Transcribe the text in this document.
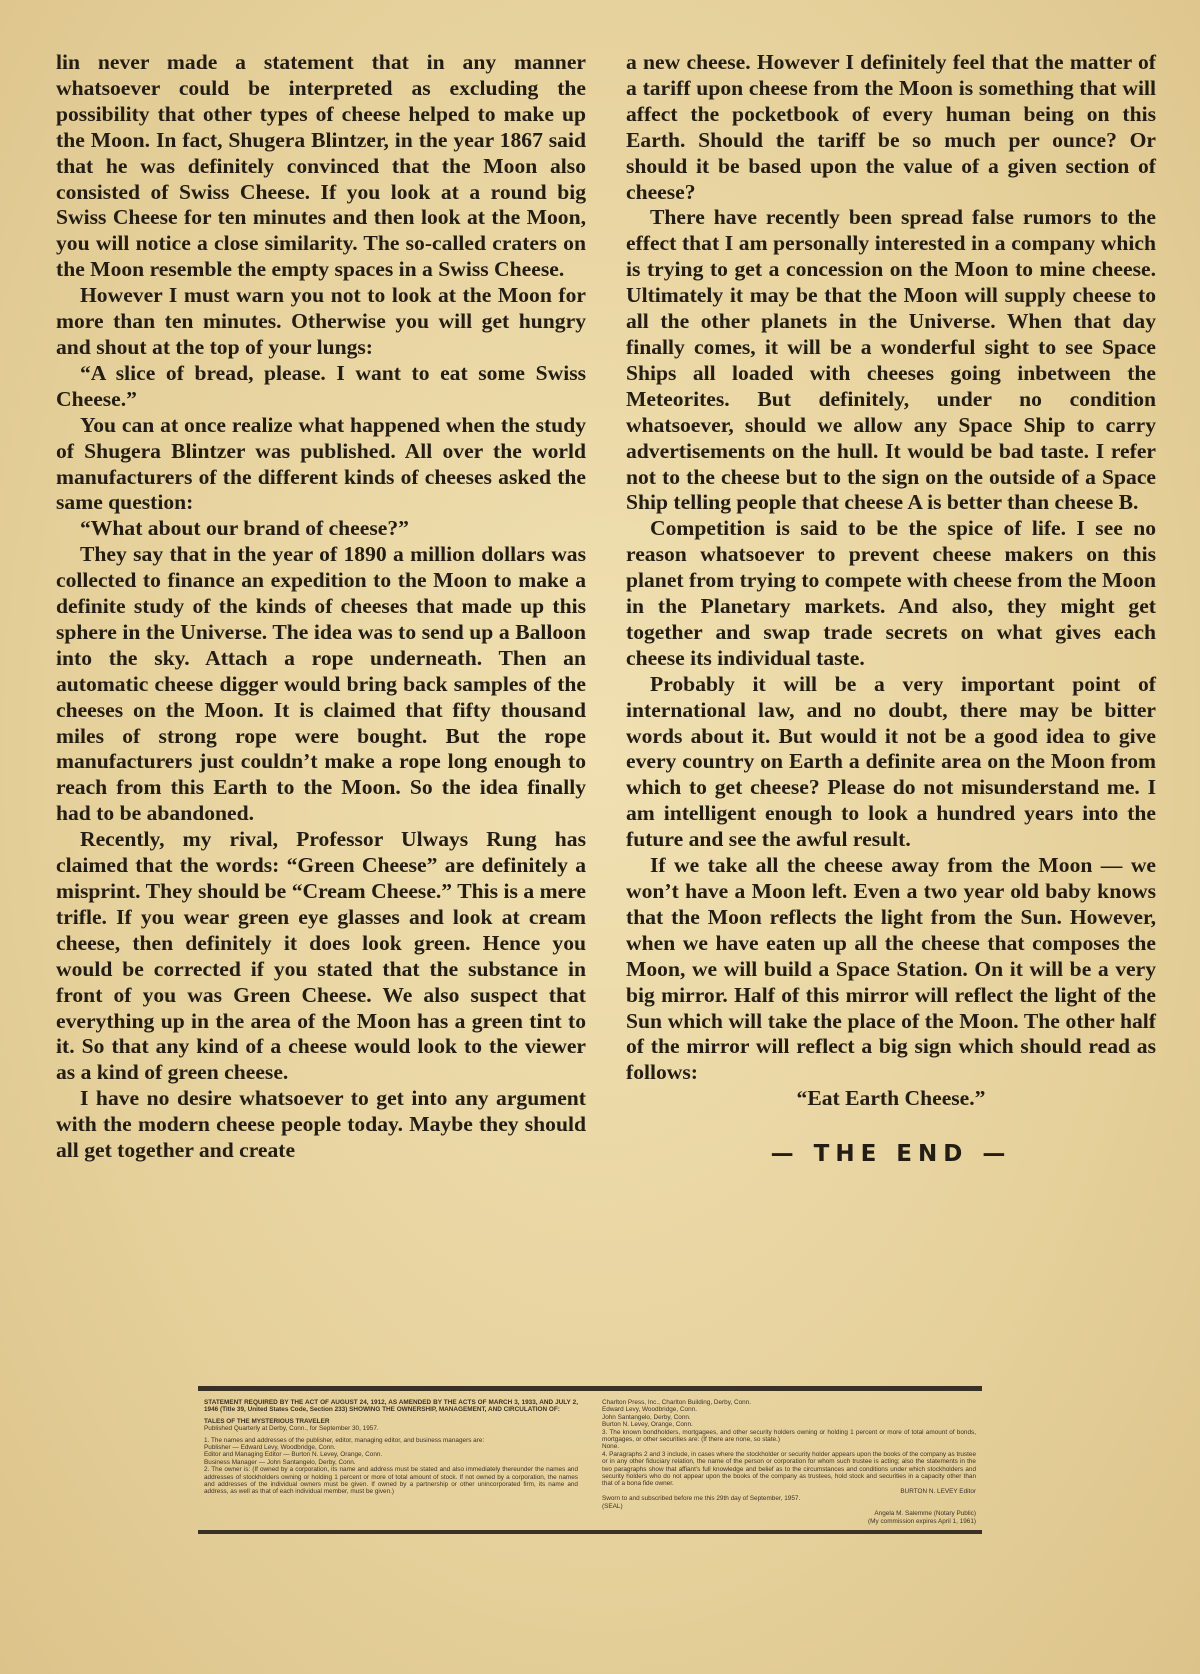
lin never made a statement that in any manner whatsoever could be interpreted as excluding the possibility that other types of cheese helped to make up the Moon. In fact, Shugera Blintzer, in the year 1867 said that he was definitely convinced that the Moon also consisted of Swiss Cheese. If you look at a round big Swiss Cheese for ten minutes and then look at the Moon, you will notice a close similarity. The so-called craters on the Moon resemble the empty spaces in a Swiss Cheese.

However I must warn you not to look at the Moon for more than ten minutes. Otherwise you will get hungry and shout at the top of your lungs:

“A slice of bread, please. I want to eat some Swiss Cheese.”

You can at once realize what happened when the study of Shugera Blintzer was published. All over the world manufacturers of the different kinds of cheeses asked the same question:

“What about our brand of cheese?”

They say that in the year of 1890 a million dollars was collected to finance an expedition to the Moon to make a definite study of the kinds of cheeses that made up this sphere in the Universe. The idea was to send up a Balloon into the sky. Attach a rope underneath. Then an automatic cheese digger would bring back samples of the cheeses on the Moon. It is claimed that fifty thousand miles of strong rope were bought. But the rope manufacturers just couldn’t make a rope long enough to reach from this Earth to the Moon. So the idea finally had to be abandoned.

Recently, my rival, Professor Ulways Rung has claimed that the words: “Green Cheese” are definitely a misprint. They should be “Cream Cheese.” This is a mere trifle. If you wear green eye glasses and look at cream cheese, then definitely it does look green. Hence you would be corrected if you stated that the substance in front of you was Green Cheese. We also suspect that everything up in the area of the Moon has a green tint to it. So that any kind of a cheese would look to the viewer as a kind of green cheese.

I have no desire whatsoever to get into any argument with the modern cheese people today. Maybe they should all get together and create

a new cheese. However I definitely feel that the matter of a tariff upon cheese from the Moon is something that will affect the pocketbook of every human being on this Earth. Should the tariff be so much per ounce? Or should it be based upon the value of a given section of cheese?

There have recently been spread false rumors to the effect that I am personally interested in a company which is trying to get a concession on the Moon to mine cheese. Ultimately it may be that the Moon will supply cheese to all the other planets in the Universe. When that day finally comes, it will be a wonderful sight to see Space Ships all loaded with cheeses going inbetween the Meteorites. But definitely, under no condition whatsoever, should we allow any Space Ship to carry advertisements on the hull. It would be bad taste. I refer not to the cheese but to the sign on the outside of a Space Ship telling people that cheese A is better than cheese B.

Competition is said to be the spice of life. I see no reason whatsoever to prevent cheese makers on this planet from trying to compete with cheese from the Moon in the Planetary markets. And also, they might get together and swap trade secrets on what gives each cheese its individual taste.

Probably it will be a very important point of international law, and no doubt, there may be bitter words about it. But would it not be a good idea to give every country on Earth a definite area on the Moon from which to get cheese? Please do not misunderstand me. I am intelligent enough to look a hundred years into the future and see the awful result.

If we take all the cheese away from the Moon — we won’t have a Moon left. Even a two year old baby knows that the Moon reflects the light from the Sun. However, when we have eaten up all the cheese that composes the Moon, we will build a Space Station. On it will be a very big mirror. Half of this mirror will reflect the light of the Sun which will take the place of the Moon. The other half of the mirror will reflect a big sign which should read as follows:

“Eat Earth Cheese.”

— THE END —

STATEMENT REQUIRED BY THE ACT OF AUGUST 24, 1912, AS AMENDED BY THE ACTS OF MARCH 3, 1933, AND JULY 2, 1946 (Title 39, United States Code, Section 233) SHOWING THE OWNERSHIP, MANAGEMENT, AND CIRCULATION OF:

TALES OF THE MYSTERIOUS TRAVELER

Published Quarterly at Derby, Conn., for September 30, 1957.

1. The names and addresses of the publisher, editor, managing editor, and business managers are:

Publisher — Edward Levy, Woodbridge, Conn.

Editor and Managing Editor — Burton N. Levey, Orange, Conn.

Business Manager — John Santangelo, Derby, Conn.

2. The owner is: (If owned by a corporation, its name and address must be stated and also immediately thereunder the names and addresses of stockholders owning or holding 1 percent or more of total amount of stock. If not owned by a corporation, the names and addresses of the individual owners must be given. If owned by a partnership or other unincorporated firm, its name and address, as well as that of each individual member, must be given.)

Charlton Press, Inc., Charlton Building, Derby, Conn.

Edward Levy, Woodbridge, Conn.

John Santangelo, Derby, Conn.

Burton N. Levey, Orange, Conn.

3. The known bondholders, mortgagees, and other security holders owning or holding 1 percent or more of total amount of bonds, mortgages, or other securities are: (If there are none, so state.)

None.

4. Paragraphs 2 and 3 include, in cases where the stockholder or security holder appears upon the books of the company as trustee or in any other fiduciary relation, the name of the person or corporation for whom such trustee is acting; also the statements in the two paragraphs show that affiant's full knowledge and belief as to the circumstances and conditions under which stockholders and security holders who do not appear upon the books of the company as trustees, hold stock and securities in a capacity other than that of a bona fide owner.

BURTON N. LEVEY Editor

Sworn to and subscribed before me this 29th day of September, 1957.

(SEAL)

Angela M. Salemme (Notary Public)

(My commission expires April 1, 1961)
